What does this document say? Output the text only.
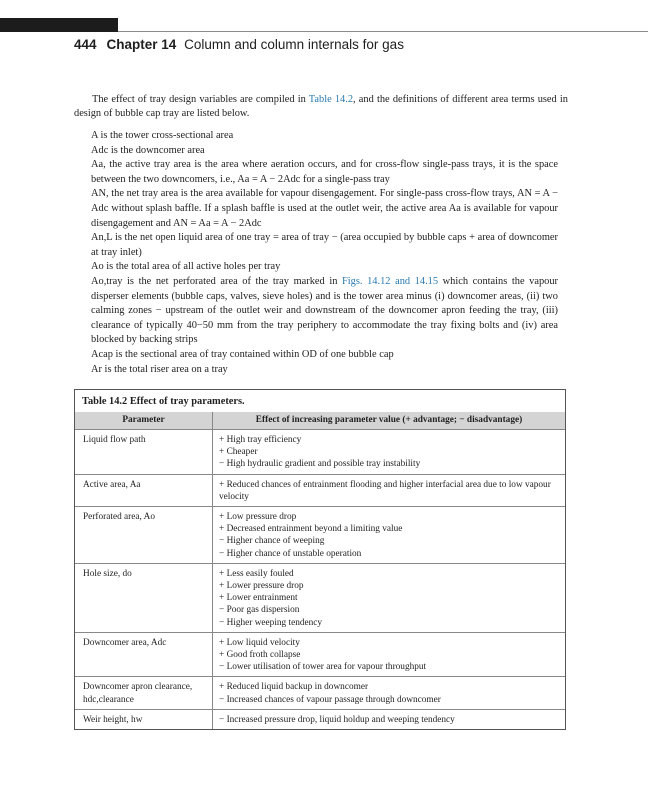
444 Chapter 14 Column and column internals for gas

The effect of tray design variables are compiled in Table 14.2, and the definitions of different area terms used in design of bubble cap tray are listed below.

A is the tower cross-sectional area

Adc is the downcomer area

Aa, the active tray area is the area where aeration occurs, and for cross-flow single-pass trays, it is the space between the two downcomers, i.e., Aa = A − 2Adc for a single-pass tray

AN, the net tray area is the area available for vapour disengagement. For single-pass cross-flow trays, AN = A − Adc without splash baffle. If a splash baffle is used at the outlet weir, the active area Aa is available for vapour disengagement and AN = Aa = A − 2Adc

An,L is the net open liquid area of one tray = area of tray − (area occupied by bubble caps + area of downcomer at tray inlet)

Ao is the total area of all active holes per tray

Ao,tray is the net perforated area of the tray marked in Figs. 14.12 and 14.15 which contains the vapour disperser elements (bubble caps, valves, sieve holes) and is the tower area minus (i) downcomer areas, (ii) two calming zones − upstream of the outlet weir and downstream of the downcomer apron feeding the tray, (iii) clearance of typically 40−50 mm from the tray periphery to accommodate the tray fixing bolts and (iv) area blocked by backing strips

Acap is the sectional area of tray contained within OD of one bubble cap

Ar is the total riser area on a tray

Table 14.2 Effect of tray parameters.
Parameter	Effect of increasing parameter value (+ advantage; − disadvantage)
Liquid flow path	+ High tray efficiency
+ Cheaper
− High hydraulic gradient and possible tray instability

Active area, Aa	+ Reduced chances of entrainment flooding and higher interfacial area due to low vapour velocity

Perforated area, Ao	+ Low pressure drop
+ Decreased entrainment beyond a limiting value
− Higher chance of weeping
− Higher chance of unstable operation

Hole size, do	+ Less easily fouled
+ Lower pressure drop
+ Lower entrainment
− Poor gas dispersion
− Higher weeping tendency

Downcomer area, Adc	+ Low liquid velocity
+ Good froth collapse
− Lower utilisation of tower area for vapour throughput

Downcomer apron clearance, hdc,clearance	+ Reduced liquid backup in downcomer
− Increased chances of vapour passage through downcomer

Weir height, hw	− Increased pressure drop, liquid holdup and weeping tendency
